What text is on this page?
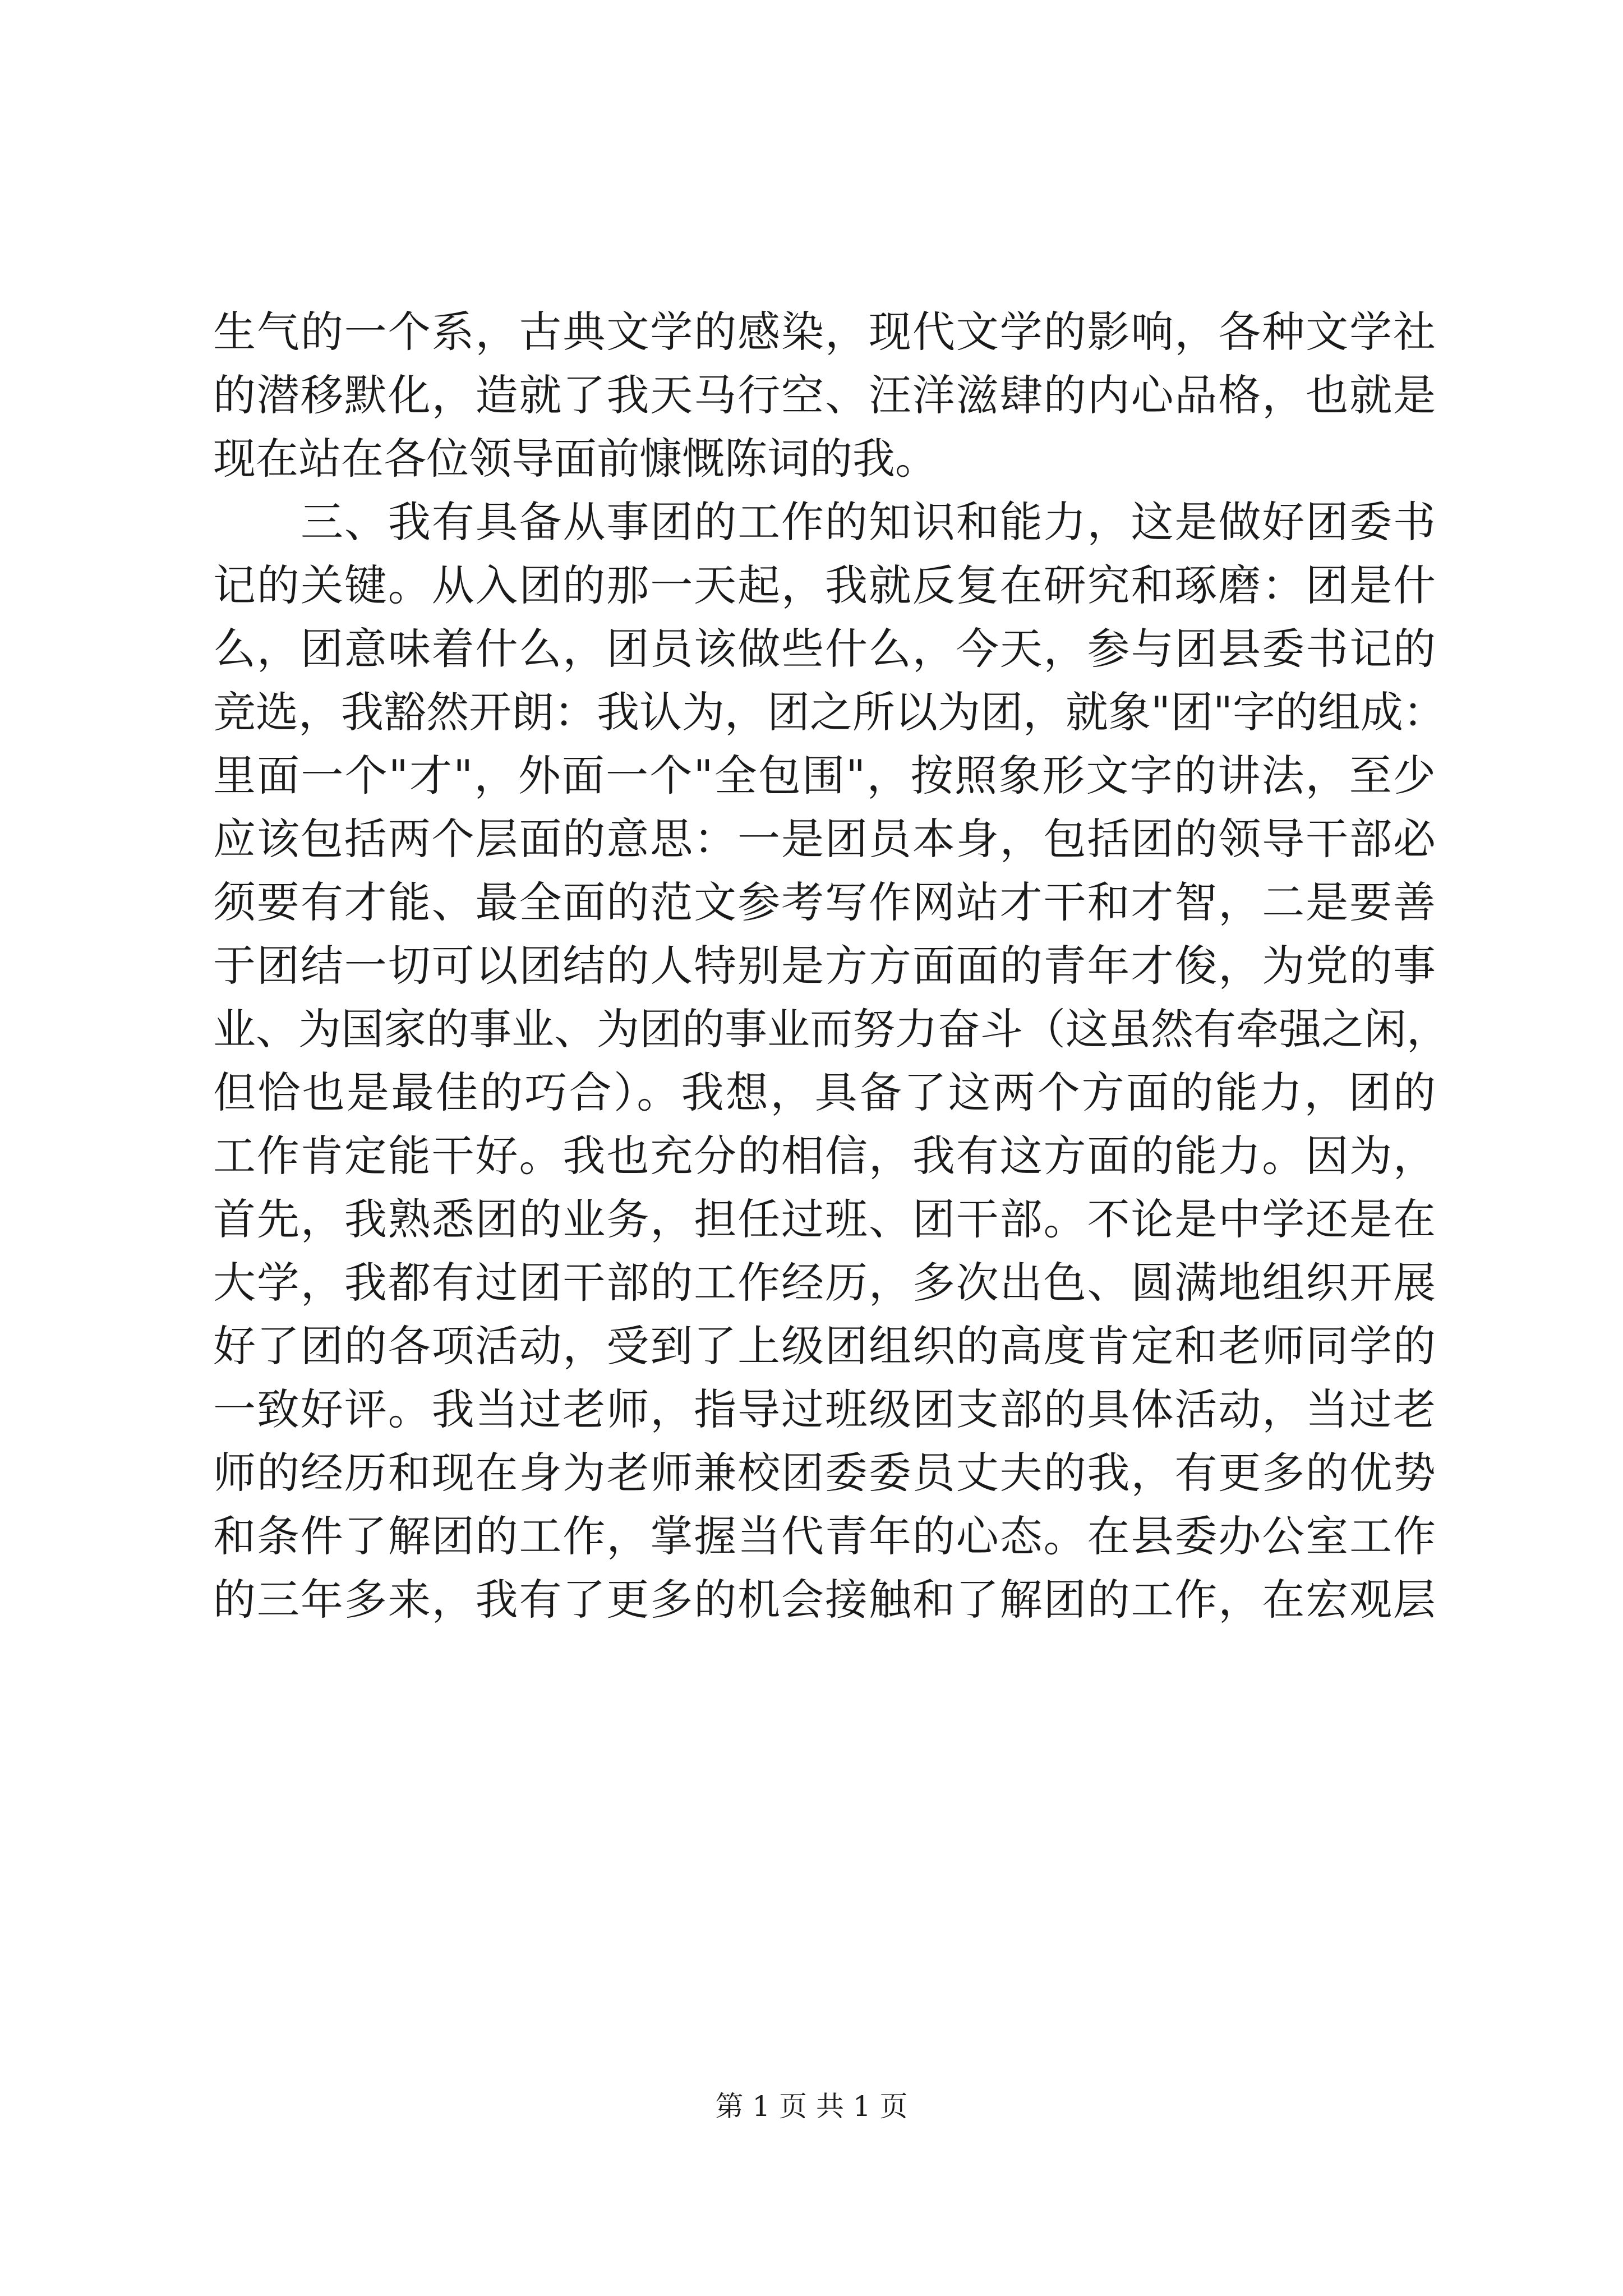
生气的一个系，古典文学的感染，现代文学的影响，各种文学社
的潜移默化，造就了我天马行空、汪洋滋肆的内心品格，也就是
现在站在各位领导面前慷慨陈词的我。
三、我有具备从事团的工作的知识和能力，这是做好团委书
记的关键。从入团的那一天起，我就反复在研究和琢磨：团是什
么，团意味着什么，团员该做些什么，今天，参与团县委书记的
竞选，我豁然开朗：我认为，团之所以为团，就象"团"字的组成：
里面一个"才"，外面一个"全包围"，按照象形文字的讲法，至少
应该包括两个层面的意思：一是团员本身，包括团的领导干部必
须要有才能、最全面的范文参考写作网站才干和才智，二是要善
于团结一切可以团结的人特别是方方面面的青年才俊，为党的事
业、为国家的事业、为团的事业而努力奋斗（这虽然有牵强之闲，
但恰也是最佳的巧合）。我想，具备了这两个方面的能力，团的
工作肯定能干好。我也充分的相信，我有这方面的能力。因为，
首先，我熟悉团的业务，担任过班、团干部。不论是中学还是在
大学，我都有过团干部的工作经历，多次出色、圆满地组织开展
好了团的各项活动，受到了上级团组织的高度肯定和老师同学的
一致好评。我当过老师，指导过班级团支部的具体活动，当过老
师的经历和现在身为老师兼校团委委员丈夫的我，有更多的优势
和条件了解团的工作，掌握当代青年的心态。在县委办公室工作
的三年多来，我有了更多的机会接触和了解团的工作，在宏观层
第 1 页 共 1 页
